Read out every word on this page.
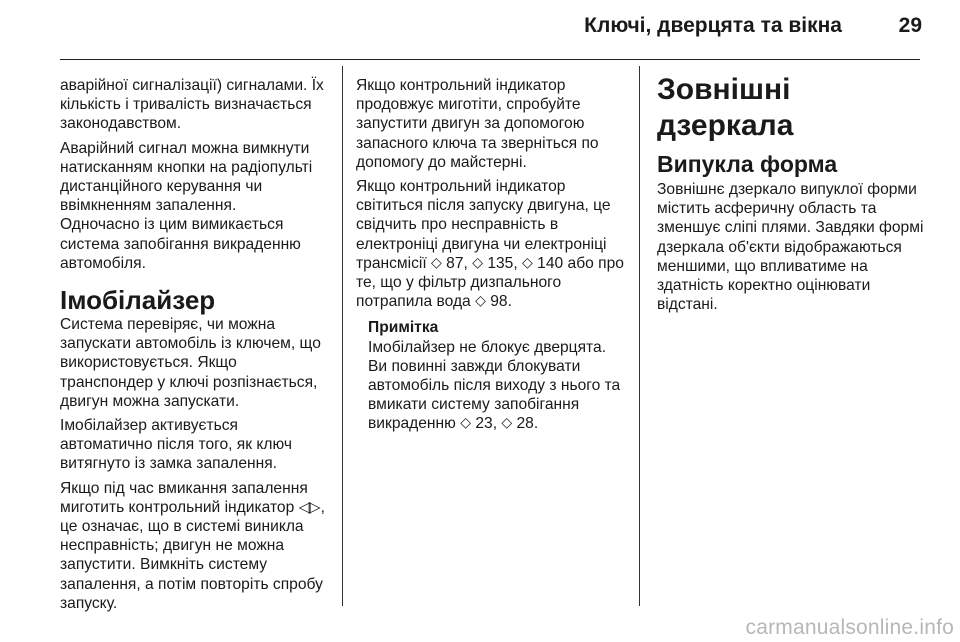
Ключі, дверцята та вікна	29

аварійної сигналізації) сигналами. Їх кількість і тривалість визначається законодавством.

Аварійний сигнал можна вимкнути натисканням кнопки на радіопульті дистанційного керування чи ввімкненням запалення.

Одночасно із цим вимикається система запобігання викраденню автомобіля.

Імобілайзер

Система перевіряє, чи можна запускати автомобіль із ключем, що використовується. Якщо транспондер у ключі розпізнається, двигун можна запускати.

Імобілайзер активується автоматично після того, як ключ витягнуто із замка запалення.

Якщо під час вмикання запалення миготить контрольний індикатор ◁▷ , це означає, що в системі виникла несправність; двигун не можна запустити. Вимкніть систему запалення, а потім повторіть спробу запуску.

Якщо контрольний індикатор продовжує миготіти, спробуйте запустити двигун за допомогою запасного ключа та зверніться по допомогу до майстерні.

Якщо контрольний індикатор світиться після запуску двигуна, це свідчить про несправність в електроніці двигуна чи електроніці трансмісії ◇ 87, ◇ 135, ◇ 140 або про те, що у фільтр дизпального потрапила вода ◇ 98.

Примітка

Імобілайзер не блокує дверцята. Ви повинні завжди блокувати автомобіль після виходу з нього та вмикати систему запобігання викраденню ◇ 23, ◇ 28.

Зовнішні дзеркала
Випукла форма

Зовнішнє дзеркало випуклої форми містить асферичну область та зменшує сліпі плями. Завдяки формі дзеркала об'єкти відображаються меншими, що впливатиме на здатність коректно оцінювати відстані.

carmanualsonline.info
